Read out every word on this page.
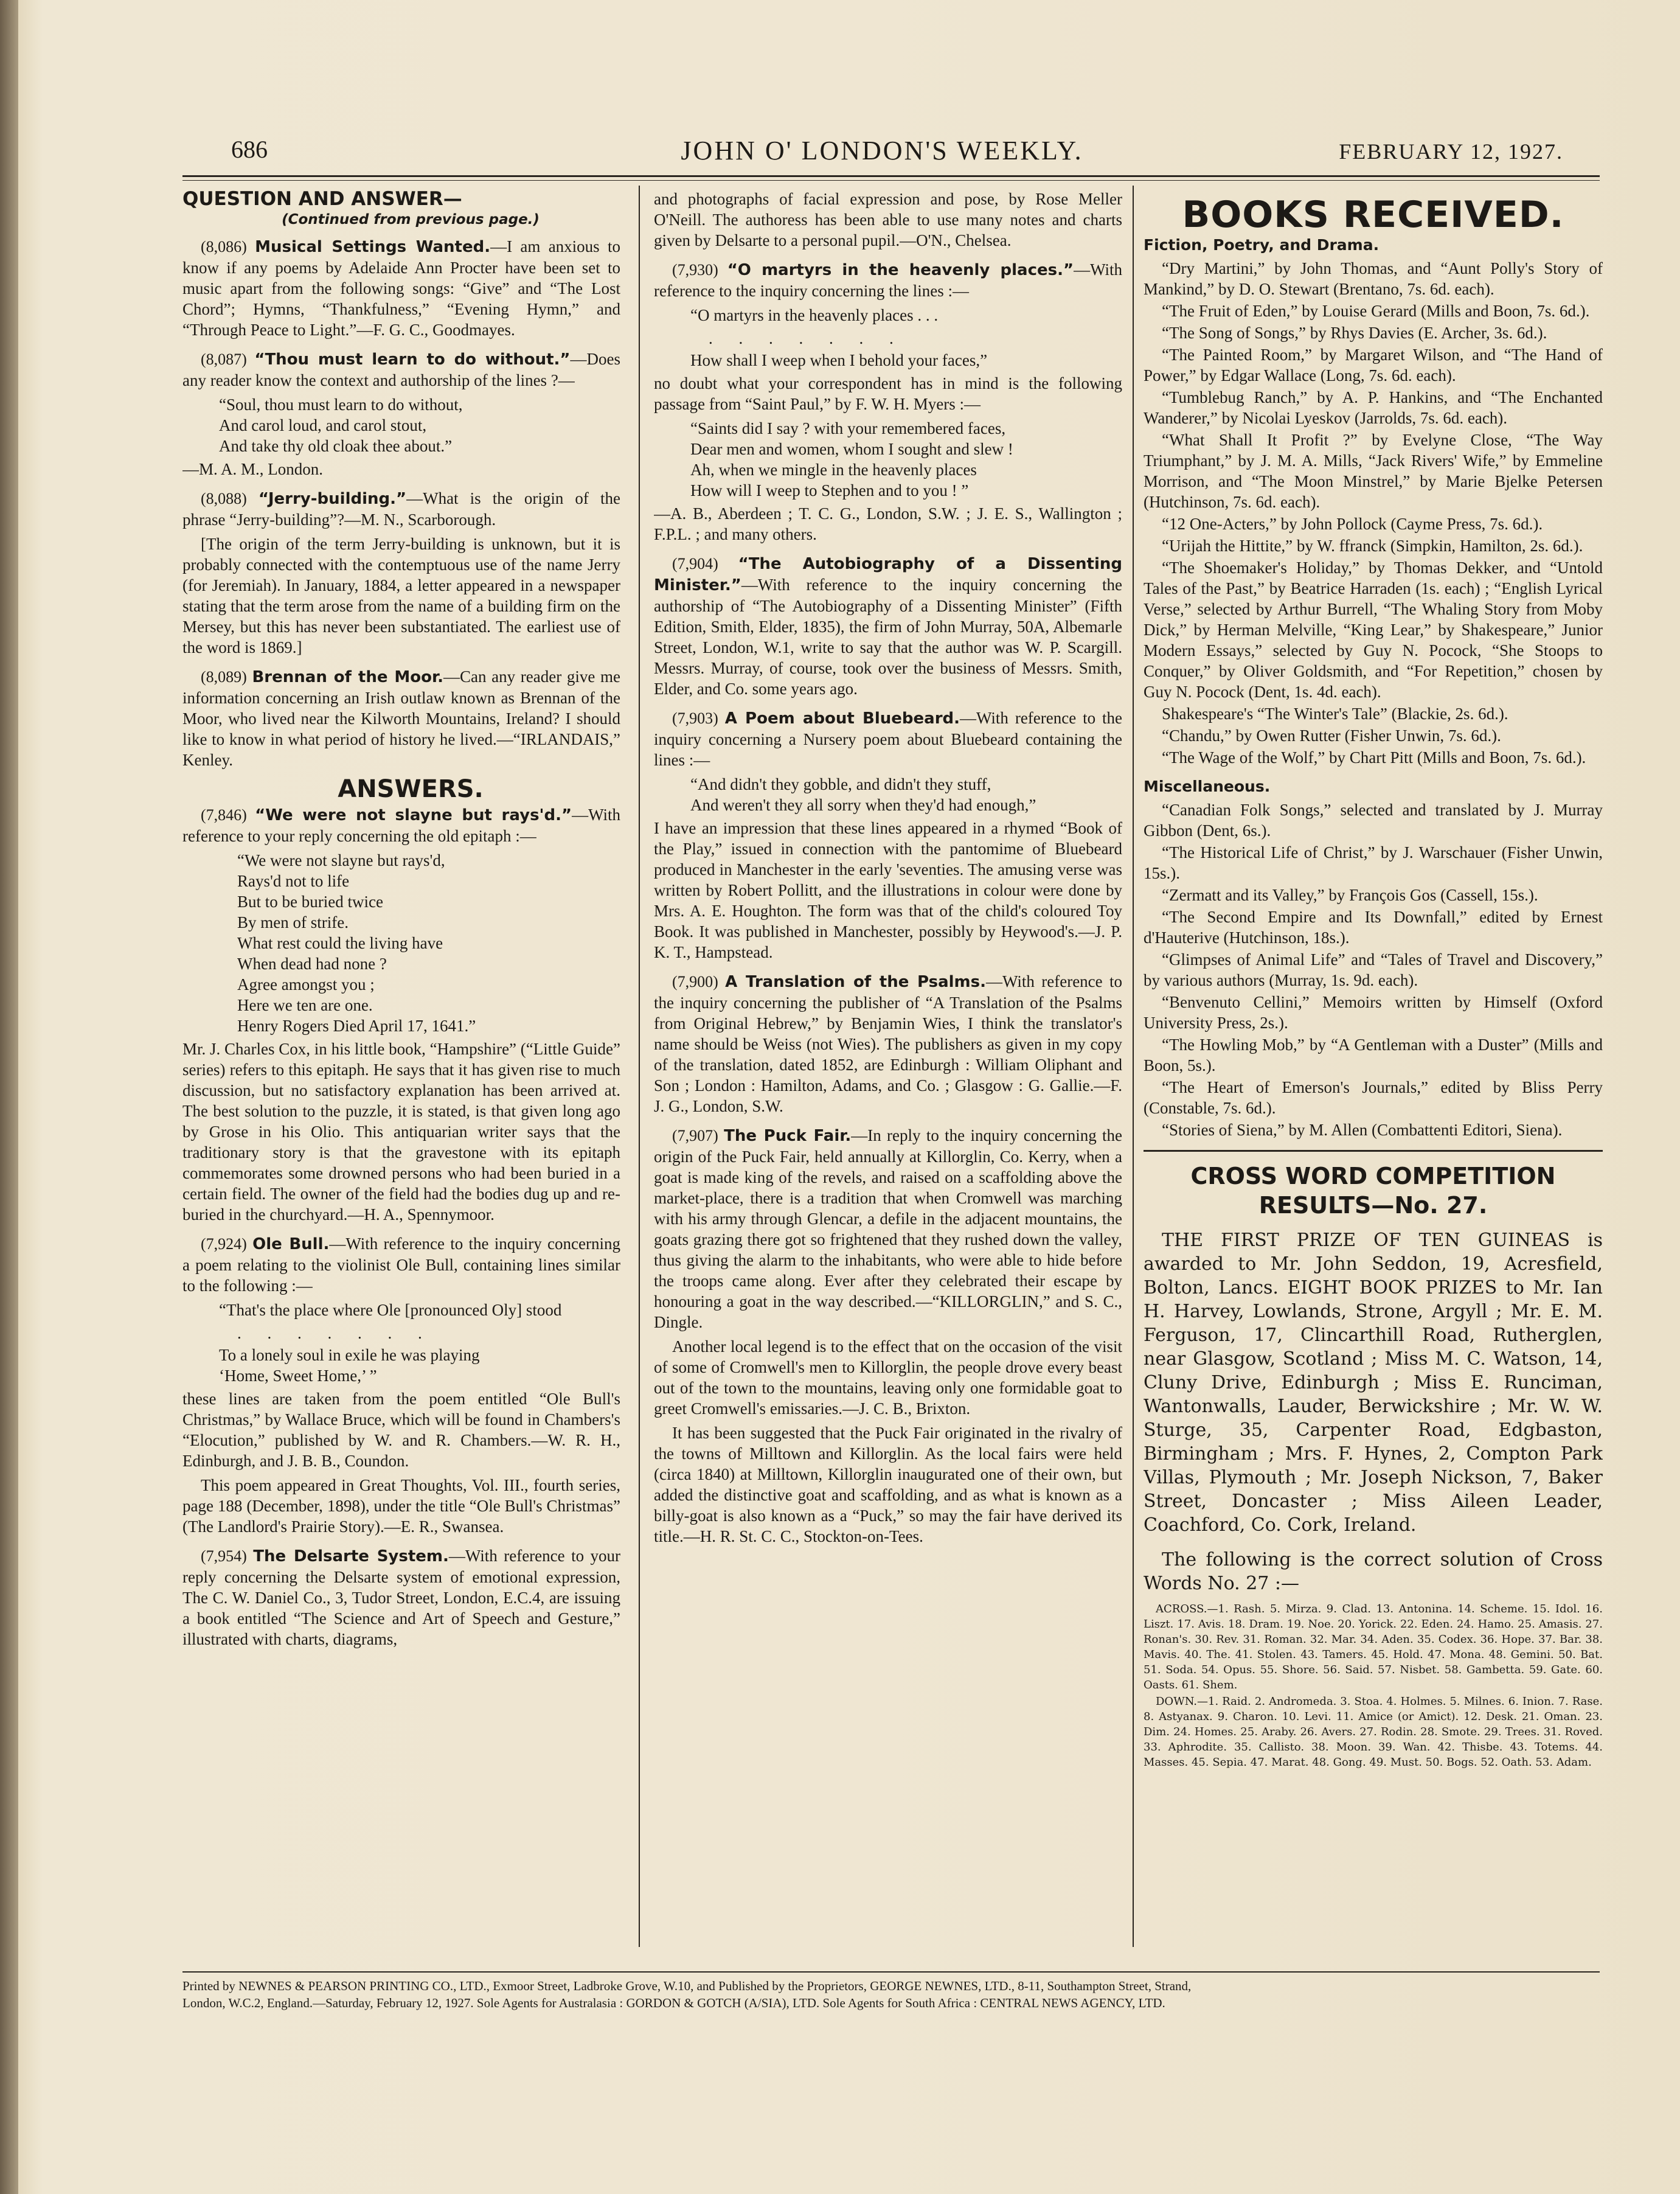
686	JOHN O' LONDON'S WEEKLY.	FEBRUARY 12, 1927.

QUESTION AND ANSWER—

(Continued from previous page.)

(8,086) Musical Settings Wanted.—I am anxious to know if any poems by Adelaide Ann Procter have been set to music apart from the following songs: “Give” and “The Lost Chord”; Hymns, “Thankfulness,” “Evening Hymn,” and “Through Peace to Light.”—F. G. C., Goodmayes.

(8,087) “Thou must learn to do without.”—Does any reader know the context and authorship of the lines ?—

“Soul, thou must learn to do without,
And carol loud, and carol stout,
And take thy old cloak thee about.”

—M. A. M., London.

(8,088) “Jerry-building.”—What is the origin of the phrase “Jerry-building”?—M. N., Scarborough.

[The origin of the term Jerry-building is unknown, but it is probably connected with the contemptuous use of the name Jerry (for Jeremiah). In January, 1884, a letter appeared in a newspaper stating that the term arose from the name of a building firm on the Mersey, but this has never been substantiated. The earliest use of the word is 1869.]

(8,089) Brennan of the Moor.—Can any reader give me information concerning an Irish outlaw known as Brennan of the Moor, who lived near the Kilworth Mountains, Ireland? I should like to know in what period of history he lived.—“IRLANDAIS,” Kenley.

ANSWERS.

(7,846) “We were not slayne but rays'd.”—With reference to your reply concerning the old epitaph :—

“We were not slayne but rays'd,
Rays'd not to life
But to be buried twice
By men of strife.
What rest could the living have
When dead had none ?
Agree amongst you ;
Here we ten are one.
Henry Rogers Died April 17, 1641.”

Mr. J. Charles Cox, in his little book, “Hampshire” (“Little Guide” series) refers to this epitaph. He says that it has given rise to much discussion, but no satisfactory explanation has been arrived at. The best solution to the puzzle, it is stated, is that given long ago by Grose in his Olio. This antiquarian writer says that the traditionary story is that the gravestone with its epitaph commemorates some drowned persons who had been buried in a certain field. The owner of the field had the bodies dug up and re-buried in the churchyard.—H. A., Spennymoor.

(7,924) Ole Bull.—With reference to the inquiry concerning a poem relating to the violinist Ole Bull, containing lines similar to the following :—

“That's the place where Ole [pronounced Oly] stood

. . . . . . .

To a lonely soul in exile he was playing
‘Home, Sweet Home,’ ”

these lines are taken from the poem entitled “Ole Bull's Christmas,” by Wallace Bruce, which will be found in Chambers's “Elocution,” published by W. and R. Chambers.—W. R. H., Edinburgh, and J. B. B., Coundon.

This poem appeared in Great Thoughts, Vol. III., fourth series, page 188 (December, 1898), under the title “Ole Bull's Christmas” (The Landlord's Prairie Story).—E. R., Swansea.

(7,954) The Delsarte System.—With reference to your reply concerning the Delsarte system of emotional expression, The C. W. Daniel Co., 3, Tudor Street, London, E.C.4, are issuing a book entitled “The Science and Art of Speech and Gesture,” illustrated with charts, diagrams,

and photographs of facial expression and pose, by Rose Meller O'Neill. The authoress has been able to use many notes and charts given by Delsarte to a personal pupil.—O'N., Chelsea.

(7,930) “O martyrs in the heavenly places.”—With reference to the inquiry concerning the lines :—

“O martyrs in the heavenly places . . .

. . . . . . .

How shall I weep when I behold your faces,”

no doubt what your correspondent has in mind is the following passage from “Saint Paul,” by F. W. H. Myers :—

“Saints did I say ? with your remembered faces,
Dear men and women, whom I sought and slew !
Ah, when we mingle in the heavenly places
How will I weep to Stephen and to you ! ”

—A. B., Aberdeen ; T. C. G., London, S.W. ; J. E. S., Wallington ; F.P.L. ; and many others.

(7,904) “The Autobiography of a Dissenting Minister.”—With reference to the inquiry concerning the authorship of “The Autobiography of a Dissenting Minister” (Fifth Edition, Smith, Elder, 1835), the firm of John Murray, 50A, Albemarle Street, London, W.1, write to say that the author was W. P. Scargill. Messrs. Murray, of course, took over the business of Messrs. Smith, Elder, and Co. some years ago.

(7,903) A Poem about Bluebeard.—With reference to the inquiry concerning a Nursery poem about Bluebeard containing the lines :—

“And didn't they gobble, and didn't they stuff,
And weren't they all sorry when they'd had enough,”

I have an impression that these lines appeared in a rhymed “Book of the Play,” issued in connection with the pantomime of Bluebeard produced in Manchester in the early 'seventies. The amusing verse was written by Robert Pollitt, and the illustrations in colour were done by Mrs. A. E. Houghton. The form was that of the child's coloured Toy Book. It was published in Manchester, possibly by Heywood's.—J. P. K. T., Hampstead.

(7,900) A Translation of the Psalms.—With reference to the inquiry concerning the publisher of “A Translation of the Psalms from Original Hebrew,” by Benjamin Wies, I think the translator's name should be Weiss (not Wies). The publishers as given in my copy of the translation, dated 1852, are Edinburgh : William Oliphant and Son ; London : Hamilton, Adams, and Co. ; Glasgow : G. Gallie.—F. J. G., London, S.W.

(7,907) The Puck Fair.—In reply to the inquiry concerning the origin of the Puck Fair, held annually at Killorglin, Co. Kerry, when a goat is made king of the revels, and raised on a scaffolding above the market-place, there is a tradition that when Cromwell was marching with his army through Glencar, a defile in the adjacent mountains, the goats grazing there got so frightened that they rushed down the valley, thus giving the alarm to the inhabitants, who were able to hide before the troops came along. Ever after they celebrated their escape by honouring a goat in the way described.—“KILLORGLIN,” and S. C., Dingle.

Another local legend is to the effect that on the occasion of the visit of some of Cromwell's men to Killorglin, the people drove every beast out of the town to the mountains, leaving only one formidable goat to greet Cromwell's emissaries.—J. C. B., Brixton.

It has been suggested that the Puck Fair originated in the rivalry of the towns of Milltown and Killorglin. As the local fairs were held (circa 1840) at Milltown, Killorglin inaugurated one of their own, but added the distinctive goat and scaffolding, and as what is known as a billy-goat is also known as a “Puck,” so may the fair have derived its title.—H. R. St. C. C., Stockton-on-Tees.

BOOKS RECEIVED.
Fiction, Poetry, and Drama.

“Dry Martini,” by John Thomas, and “Aunt Polly's Story of Mankind,” by D. O. Stewart (Brentano, 7s. 6d. each).

“The Fruit of Eden,” by Louise Gerard (Mills and Boon, 7s. 6d.).

“The Song of Songs,” by Rhys Davies (E. Archer, 3s. 6d.).

“The Painted Room,” by Margaret Wilson, and “The Hand of Power,” by Edgar Wallace (Long, 7s. 6d. each).

“Tumblebug Ranch,” by A. P. Hankins, and “The Enchanted Wanderer,” by Nicolai Lyeskov (Jarrolds, 7s. 6d. each).

“What Shall It Profit ?” by Evelyne Close, “The Way Triumphant,” by J. M. A. Mills, “Jack Rivers' Wife,” by Emmeline Morrison, and “The Moon Minstrel,” by Marie Bjelke Petersen (Hutchinson, 7s. 6d. each).

“12 One-Acters,” by John Pollock (Cayme Press, 7s. 6d.).

“Urijah the Hittite,” by W. ffranck (Simpkin, Hamilton, 2s. 6d.).

“The Shoemaker's Holiday,” by Thomas Dekker, and “Untold Tales of the Past,” by Beatrice Harraden (1s. each) ; “English Lyrical Verse,” selected by Arthur Burrell, “The Whaling Story from Moby Dick,” by Herman Melville, “King Lear,” by Shakespeare,” Junior Modern Essays,” selected by Guy N. Pocock, “She Stoops to Conquer,” by Oliver Goldsmith, and “For Repetition,” chosen by Guy N. Pocock (Dent, 1s. 4d. each).

Shakespeare's “The Winter's Tale” (Blackie, 2s. 6d.).

“Chandu,” by Owen Rutter (Fisher Unwin, 7s. 6d.).

“The Wage of the Wolf,” by Chart Pitt (Mills and Boon, 7s. 6d.).

Miscellaneous.

“Canadian Folk Songs,” selected and translated by J. Murray Gibbon (Dent, 6s.).

“The Historical Life of Christ,” by J. Warschauer (Fisher Unwin, 15s.).

“Zermatt and its Valley,” by François Gos (Cassell, 15s.).

“The Second Empire and Its Downfall,” edited by Ernest d'Hauterive (Hutchinson, 18s.).

“Glimpses of Animal Life” and “Tales of Travel and Discovery,” by various authors (Murray, 1s. 9d. each).

“Benvenuto Cellini,” Memoirs written by Himself (Oxford University Press, 2s.).

“The Howling Mob,” by “A Gentleman with a Duster” (Mills and Boon, 5s.).

“The Heart of Emerson's Journals,” edited by Bliss Perry (Constable, 7s. 6d.).

“Stories of Siena,” by M. Allen (Combattenti Editori, Siena).

CROSS WORD COMPETITION
RESULTS—No. 27.

THE FIRST PRIZE OF TEN GUINEAS is awarded to Mr. John Seddon, 19, Acresfield, Bolton, Lancs. EIGHT BOOK PRIZES to Mr. Ian H. Harvey, Lowlands, Strone, Argyll ; Mr. E. M. Ferguson, 17, Clincarthill Road, Rutherglen, near Glasgow, Scotland ; Miss M. C. Watson, 14, Cluny Drive, Edinburgh ; Miss E. Runciman, Wantonwalls, Lauder, Berwickshire ; Mr. W. W. Sturge, 35, Carpenter Road, Edgbaston, Birmingham ; Mrs. F. Hynes, 2, Compton Park Villas, Plymouth ; Mr. Joseph Nickson, 7, Baker Street, Doncaster ; Miss Aileen Leader, Coachford, Co. Cork, Ireland.

The following is the correct solution of Cross Words No. 27 :—

ACROSS.—1. Rash. 5. Mirza. 9. Clad. 13. Antonina. 14. Scheme. 15. Idol. 16. Liszt. 17. Avis. 18. Dram. 19. Noe. 20. Yorick. 22. Eden. 24. Hamo. 25. Amasis. 27. Ronan's. 30. Rev. 31. Roman. 32. Mar. 34. Aden. 35. Codex. 36. Hope. 37. Bar. 38. Mavis. 40. The. 41. Stolen. 43. Tamers. 45. Hold. 47. Mona. 48. Gemini. 50. Bat. 51. Soda. 54. Opus. 55. Shore. 56. Said. 57. Nisbet. 58. Gambetta. 59. Gate. 60. Oasts. 61. Shem.

DOWN.—1. Raid. 2. Andromeda. 3. Stoa. 4. Holmes. 5. Milnes. 6. Inion. 7. Rase. 8. Astyanax. 9. Charon. 10. Levi. 11. Amice (or Amict). 12. Desk. 21. Oman. 23. Dim. 24. Homes. 25. Araby. 26. Avers. 27. Rodin. 28. Smote. 29. Trees. 31. Roved. 33. Aphrodite. 35. Callisto. 38. Moon. 39. Wan. 42. Thisbe. 43. Totems. 44. Masses. 45. Sepia. 47. Marat. 48. Gong. 49. Must. 50. Bogs. 52. Oath. 53. Adam.

Printed by NEWNES & PEARSON PRINTING CO., LTD., Exmoor Street, Ladbroke Grove, W.10, and Published by the Proprietors, GEORGE NEWNES, LTD., 8-11, Southampton Street, Strand,

London, W.C.2, England.—Saturday, February 12, 1927. Sole Agents for Australasia : GORDON & GOTCH (A/SIA), LTD. Sole Agents for South Africa : CENTRAL NEWS AGENCY, LTD.
